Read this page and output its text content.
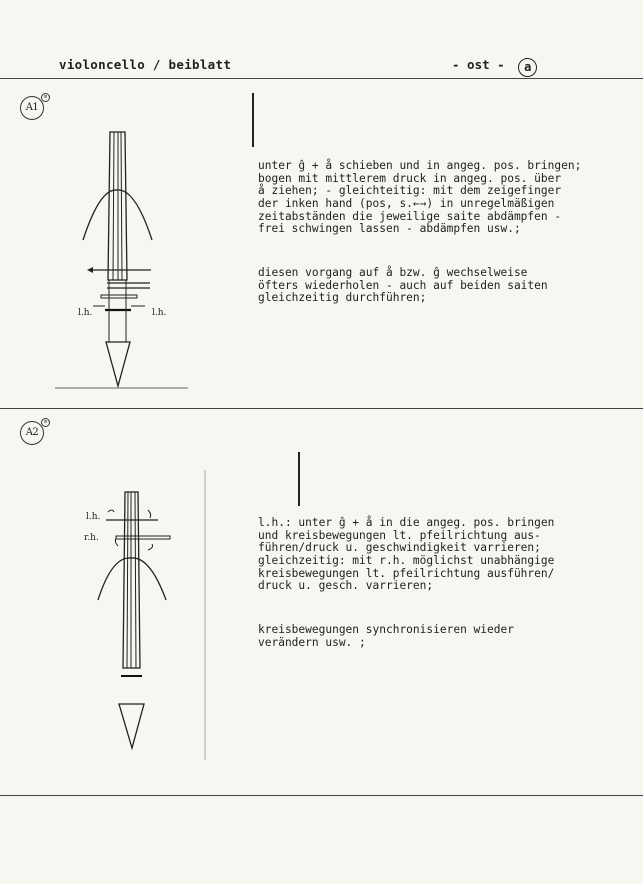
violoncello / beiblatt	- ost - a
A1
m
l.h.	l.h.

unter ĝ + å schieben und in angeg. pos. bringen;
bogen mit mittlerem druck in angeg. pos. über
å ziehen; - gleichteitig: mit dem zeigefinger
der inken hand (pos, s.←→) in unregelmäßigen
zeitabständen die jeweilige saite abdämpfen -
frei schwingen lassen - abdämpfen usw.;

diesen vorgang auf å bzw. ĝ wechselweise
öfters wiederholen - auch auf beiden saiten
gleichzeitig durchführen;

A2
m
l.h.
r.h.

l.h.: unter ĝ + å in die angeg. pos. bringen
und kreisbewegungen lt. pfeilrichtung aus-
führen/druck u. geschwindigkeit varrieren;
gleichzeitig: mit r.h. möglichst unabhängige
kreisbewegungen lt. pfeilrichtung ausführen/
druck u. gesch. varrieren;

kreisbewegungen synchronisieren wieder
verändern usw. ;
